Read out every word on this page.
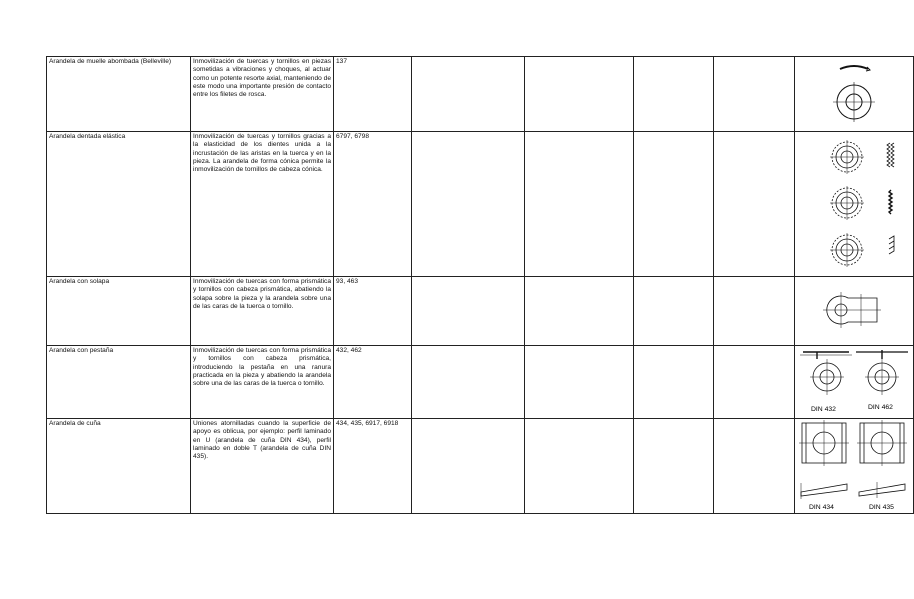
Arandela de muelle abombada (Belleville)	Inmovilización de tuercas y tornillos en piezas sometidas a vibraciones y choques, al actuar como un potente resorte axial, manteniendo de este modo una importante presión de contacto entre los filetes de rosca.	137					

Arandela dentada elástica	Inmovilización de tuercas y tornillos gracias a la elasticidad de los dientes unida a la incrustación de las aristas en la tuerca y en la pieza. La arandela de forma cónica permite la inmovilización de tornillos de cabeza cónica.	6797, 6798					

Arandela con solapa	Inmovilización de tuercas con forma prismática y tornillos con cabeza prismática, abatiendo la solapa sobre la pieza y la arandela sobre una de las caras de la tuerca o tornillo.	93, 463					

Arandela con pestaña	Inmovilización de tuercas con forma prismática y tornillos con cabeza prismática, introduciendo la pestaña en una ranura practicada en la pieza y abatiendo la arandela sobre una de las caras de la tuerca o tornillo.	432, 462					DIN 432 DIN 462

Arandela de cuña	Uniones atornilladas cuando la superficie de apoyo es oblicua, por ejemplo: perfil laminado en U (arandela de cuña DIN 434), perfil laminado en doble T (arandela de cuña DIN 435).	434, 435, 6917, 6918					DIN 434 DIN 435
